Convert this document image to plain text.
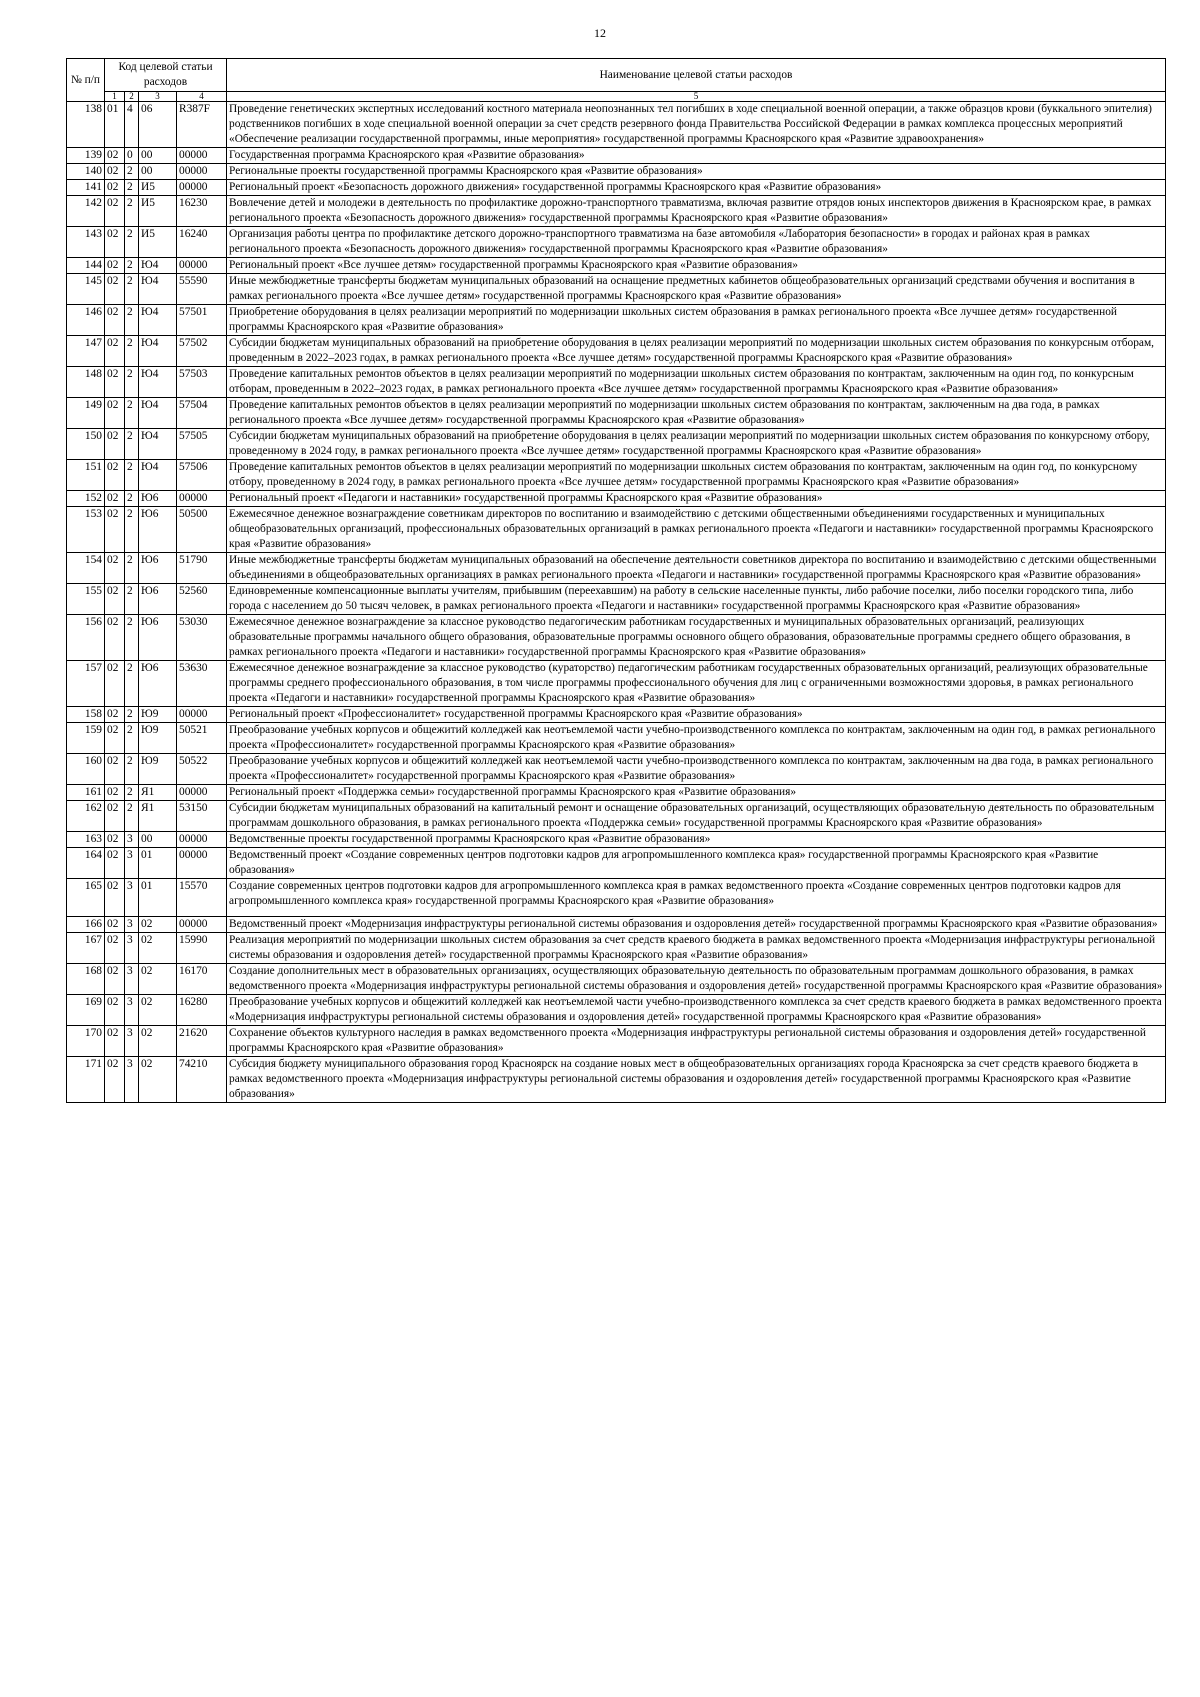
12
№ п/п	Код целевой статьи расходов				Наименование целевой статьи расходов
	1	2	3	4	5
138	01	4	06	R387F	Проведение генетических экспертных исследований костного материала неопознанных тел погибших в ходе специальной военной операции, а также образцов крови (буккального эпителия) родственников погибших в ходе специальной военной операции за счет средств резервного фонда Правительства Российской Федерации в рамках комплекса процессных мероприятий «Обеспечение реализации государственной программы, иные мероприятия» государственной программы Красноярского края «Развитие здравоохранения»
139	02	0	00	00000	Государственная программа Красноярского края «Развитие образования»
140	02	2	00	00000	Региональные проекты государственной программы Красноярского края «Развитие образования»
141	02	2	И5	00000	Региональный проект «Безопасность дорожного движения» государственной программы Красноярского края «Развитие образования»
142	02	2	И5	16230	Вовлечение детей и молодежи в деятельность по профилактике дорожно-транспортного травматизма, включая развитие отрядов юных инспекторов движения в Красноярском крае, в рамках регионального проекта «Безопасность дорожного движения» государственной программы Красноярского края «Развитие образования»
143	02	2	И5	16240	Организация работы центра по профилактике детского дорожно-транспортного травматизма на базе автомобиля «Лаборатория безопасности» в городах и районах края в рамках регионального проекта «Безопасность дорожного движения» государственной программы Красноярского края «Развитие образования»
144	02	2	Ю4	00000	Региональный проект «Все лучшее детям» государственной программы Красноярского края «Развитие образования»
145	02	2	Ю4	55590	Иные межбюджетные трансферты бюджетам муниципальных образований на оснащение предметных кабинетов общеобразовательных организаций средствами обучения и воспитания в рамках регионального проекта «Все лучшее детям» государственной программы Красноярского края «Развитие образования»
146	02	2	Ю4	57501	Приобретение оборудования в целях реализации мероприятий по модернизации школьных систем образования в рамках регионального проекта «Все лучшее детям» государственной программы Красноярского края «Развитие образования»
147	02	2	Ю4	57502	Субсидии бюджетам муниципальных образований на приобретение оборудования в целях реализации мероприятий по модернизации школьных систем образования по конкурсным отборам, проведенным в 2022–2023 годах, в рамках регионального проекта «Все лучшее детям» государственной программы Красноярского края «Развитие образования»
148	02	2	Ю4	57503	Проведение капитальных ремонтов объектов в целях реализации мероприятий по модернизации школьных систем образования по контрактам, заключенным на один год, по конкурсным отборам, проведенным в 2022–2023 годах, в рамках регионального проекта «Все лучшее детям» государственной программы Красноярского края «Развитие образования»
149	02	2	Ю4	57504	Проведение капитальных ремонтов объектов в целях реализации мероприятий по модернизации школьных систем образования по контрактам, заключенным на два года, в рамках регионального проекта «Все лучшее детям» государственной программы Красноярского края «Развитие образования»
150	02	2	Ю4	57505	Субсидии бюджетам муниципальных образований на приобретение оборудования в целях реализации мероприятий по модернизации школьных систем образования по конкурсному отбору, проведенному в 2024 году, в рамках регионального проекта «Все лучшее детям» государственной программы Красноярского края «Развитие образования»
151	02	2	Ю4	57506	Проведение капитальных ремонтов объектов в целях реализации мероприятий по модернизации школьных систем образования по контрактам, заключенным на один год, по конкурсному отбору, проведенному в 2024 году, в рамках регионального проекта «Все лучшее детям» государственной программы Красноярского края «Развитие образования»
152	02	2	Ю6	00000	Региональный проект «Педагоги и наставники» государственной программы Красноярского края «Развитие образования»
153	02	2	Ю6	50500	Ежемесячное денежное вознаграждение советникам директоров по воспитанию и взаимодействию с детскими общественными объединениями государственных и муниципальных общеобразовательных организаций, профессиональных образовательных организаций в рамках регионального проекта «Педагоги и наставники» государственной программы Красноярского края «Развитие образования»
154	02	2	Ю6	51790	Иные межбюджетные трансферты бюджетам муниципальных образований на обеспечение деятельности советников директора по воспитанию и взаимодействию с детскими общественными объединениями в общеобразовательных организациях в рамках регионального проекта «Педагоги и наставники» государственной программы Красноярского края «Развитие образования»
155	02	2	Ю6	52560	Единовременные компенсационные выплаты учителям, прибывшим (переехавшим) на работу в сельские населенные пункты, либо рабочие поселки, либо поселки городского типа, либо города с населением до 50 тысяч человек, в рамках регионального проекта «Педагоги и наставники» государственной программы Красноярского края «Развитие образования»
156	02	2	Ю6	53030	Ежемесячное денежное вознаграждение за классное руководство педагогическим работникам государственных и муниципальных образовательных организаций, реализующих образовательные программы начального общего образования, образовательные программы основного общего образования, образовательные программы среднего общего образования, в рамках регионального проекта «Педагоги и наставники» государственной программы Красноярского края «Развитие образования»
157	02	2	Ю6	53630	Ежемесячное денежное вознаграждение за классное руководство (кураторство) педагогическим работникам государственных образовательных организаций, реализующих образовательные программы среднего профессионального образования, в том числе программы профессионального обучения для лиц с ограниченными возможностями здоровья, в рамках регионального проекта «Педагоги и наставники» государственной программы Красноярского края «Развитие образования»
158	02	2	Ю9	00000	Региональный проект «Профессионалитет» государственной программы Красноярского края «Развитие образования»
159	02	2	Ю9	50521	Преобразование учебных корпусов и общежитий колледжей как неотъемлемой части учебно-производственного комплекса по контрактам, заключенным на один год, в рамках регионального проекта «Профессионалитет» государственной программы Красноярского края «Развитие образования»
160	02	2	Ю9	50522	Преобразование учебных корпусов и общежитий колледжей как неотъемлемой части учебно-производственного комплекса по контрактам, заключенным на два года, в рамках регионального проекта «Профессионалитет» государственной программы Красноярского края «Развитие образования»
161	02	2	Я1	00000	Региональный проект «Поддержка семьи» государственной программы Красноярского края «Развитие образования»
162	02	2	Я1	53150	Субсидии бюджетам муниципальных образований на капитальный ремонт и оснащение образовательных организаций, осуществляющих образовательную деятельность по образовательным программам дошкольного образования, в рамках регионального проекта «Поддержка семьи» государственной программы Красноярского края «Развитие образования»
163	02	3	00	00000	Ведомственные проекты государственной программы Красноярского края «Развитие образования»
164	02	3	01	00000	Ведомственный проект «Создание современных центров подготовки кадров для агропромышленного комплекса края» государственной программы Красноярского края «Развитие образования»
165	02	3	01	15570	Создание современных центров подготовки кадров для агропромышленного комплекса края в рамках ведомственного проекта «Создание современных центров подготовки кадров для агропромышленного комплекса края» государственной программы Красноярского края «Развитие образования»
166	02	3	02	00000	Ведомственный проект «Модернизация инфраструктуры региональной системы образования и оздоровления детей» государственной программы Красноярского края «Развитие образования»
167	02	3	02	15990	Реализация мероприятий по модернизации школьных систем образования за счет средств краевого бюджета в рамках ведомственного проекта «Модернизация инфраструктуры региональной системы образования и оздоровления детей» государственной программы Красноярского края «Развитие образования»
168	02	3	02	16170	Создание дополнительных мест в образовательных организациях, осуществляющих образовательную деятельность по образовательным программам дошкольного образования, в рамках ведомственного проекта «Модернизация инфраструктуры региональной системы образования и оздоровления детей» государственной программы Красноярского края «Развитие образования»
169	02	3	02	16280	Преобразование учебных корпусов и общежитий колледжей как неотъемлемой части учебно-производственного комплекса за счет средств краевого бюджета в рамках ведомственного проекта «Модернизация инфраструктуры региональной системы образования и оздоровления детей» государственной программы Красноярского края «Развитие образования»
170	02	3	02	21620	Сохранение объектов культурного наследия в рамках ведомственного проекта «Модернизация инфраструктуры региональной системы образования и оздоровления детей» государственной программы Красноярского края «Развитие образования»
171	02	3	02	74210	Субсидия бюджету муниципального образования город Красноярск на создание новых мест в общеобразовательных организациях города Красноярска за счет средств краевого бюджета в рамках ведомственного проекта «Модернизация инфраструктуры региональной системы образования и оздоровления детей» государственной программы Красноярского края «Развитие образования»
